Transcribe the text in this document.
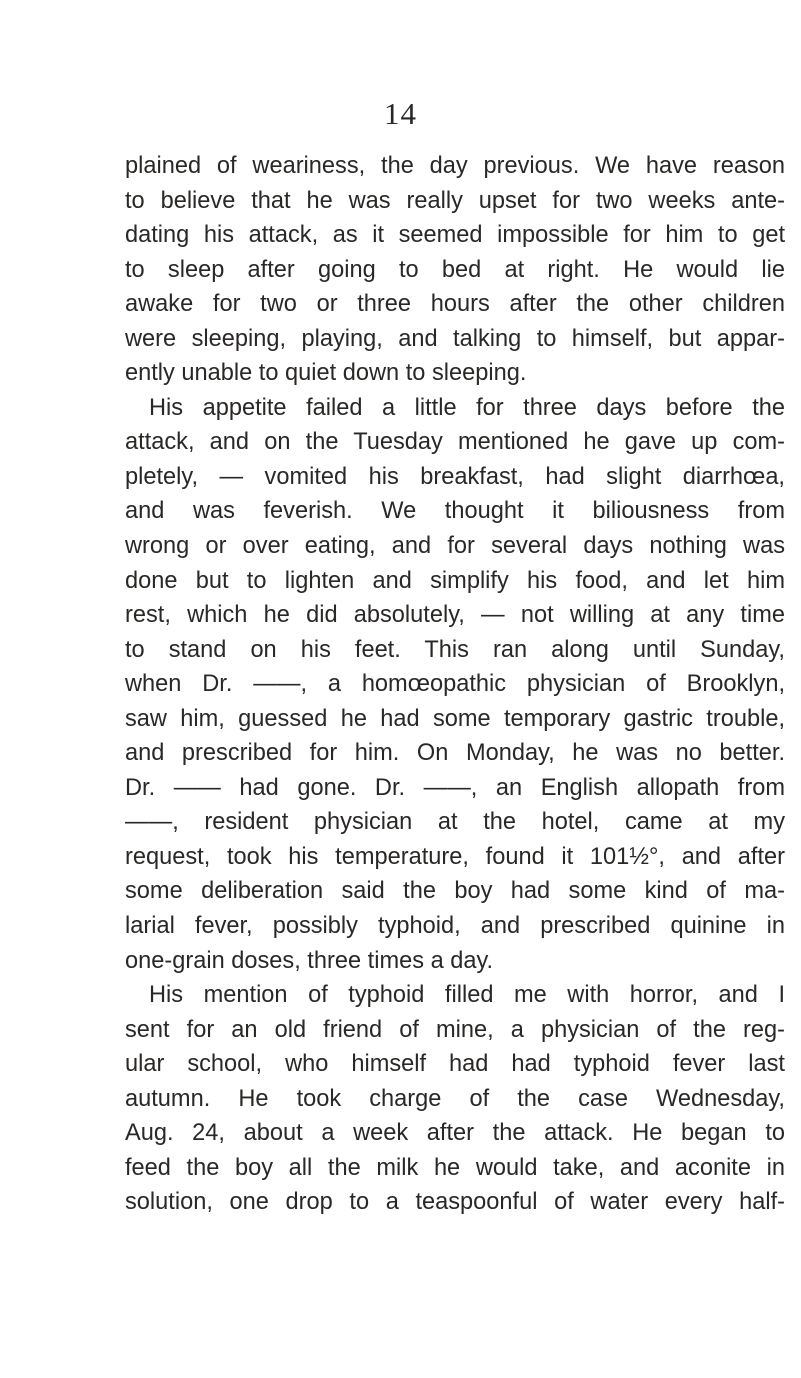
14
plained of weariness, the day previous. We have reason
to believe that he was really upset for two weeks ante-
dating his attack, as it seemed impossible for him to get
to sleep after going to bed at right. He would lie
awake for two or three hours after the other children
were sleeping, playing, and talking to himself, but appar-
ently unable to quiet down to sleeping.
His appetite failed a little for three days before the
attack, and on the Tuesday mentioned he gave up com-
pletely, — vomited his breakfast, had slight diarrhœa,
and was feverish. We thought it biliousness from
wrong or over eating, and for several days nothing was
done but to lighten and simplify his food, and let him
rest, which he did absolutely, — not willing at any time
to stand on his feet. This ran along until Sunday,
when Dr. ——, a homœopathic physician of Brooklyn,
saw him, guessed he had some temporary gastric trouble,
and prescribed for him. On Monday, he was no better.
Dr. —— had gone. Dr. ——, an English allopath from
——, resident physician at the hotel, came at my
request, took his temperature, found it 101½°, and after
some deliberation said the boy had some kind of ma-
larial fever, possibly typhoid, and prescribed quinine in
one-grain doses, three times a day.
His mention of typhoid filled me with horror, and I
sent for an old friend of mine, a physician of the reg-
ular school, who himself had had typhoid fever last
autumn. He took charge of the case Wednesday,
Aug. 24, about a week after the attack. He began to
feed the boy all the milk he would take, and aconite in
solution, one drop to a teaspoonful of water every half-
